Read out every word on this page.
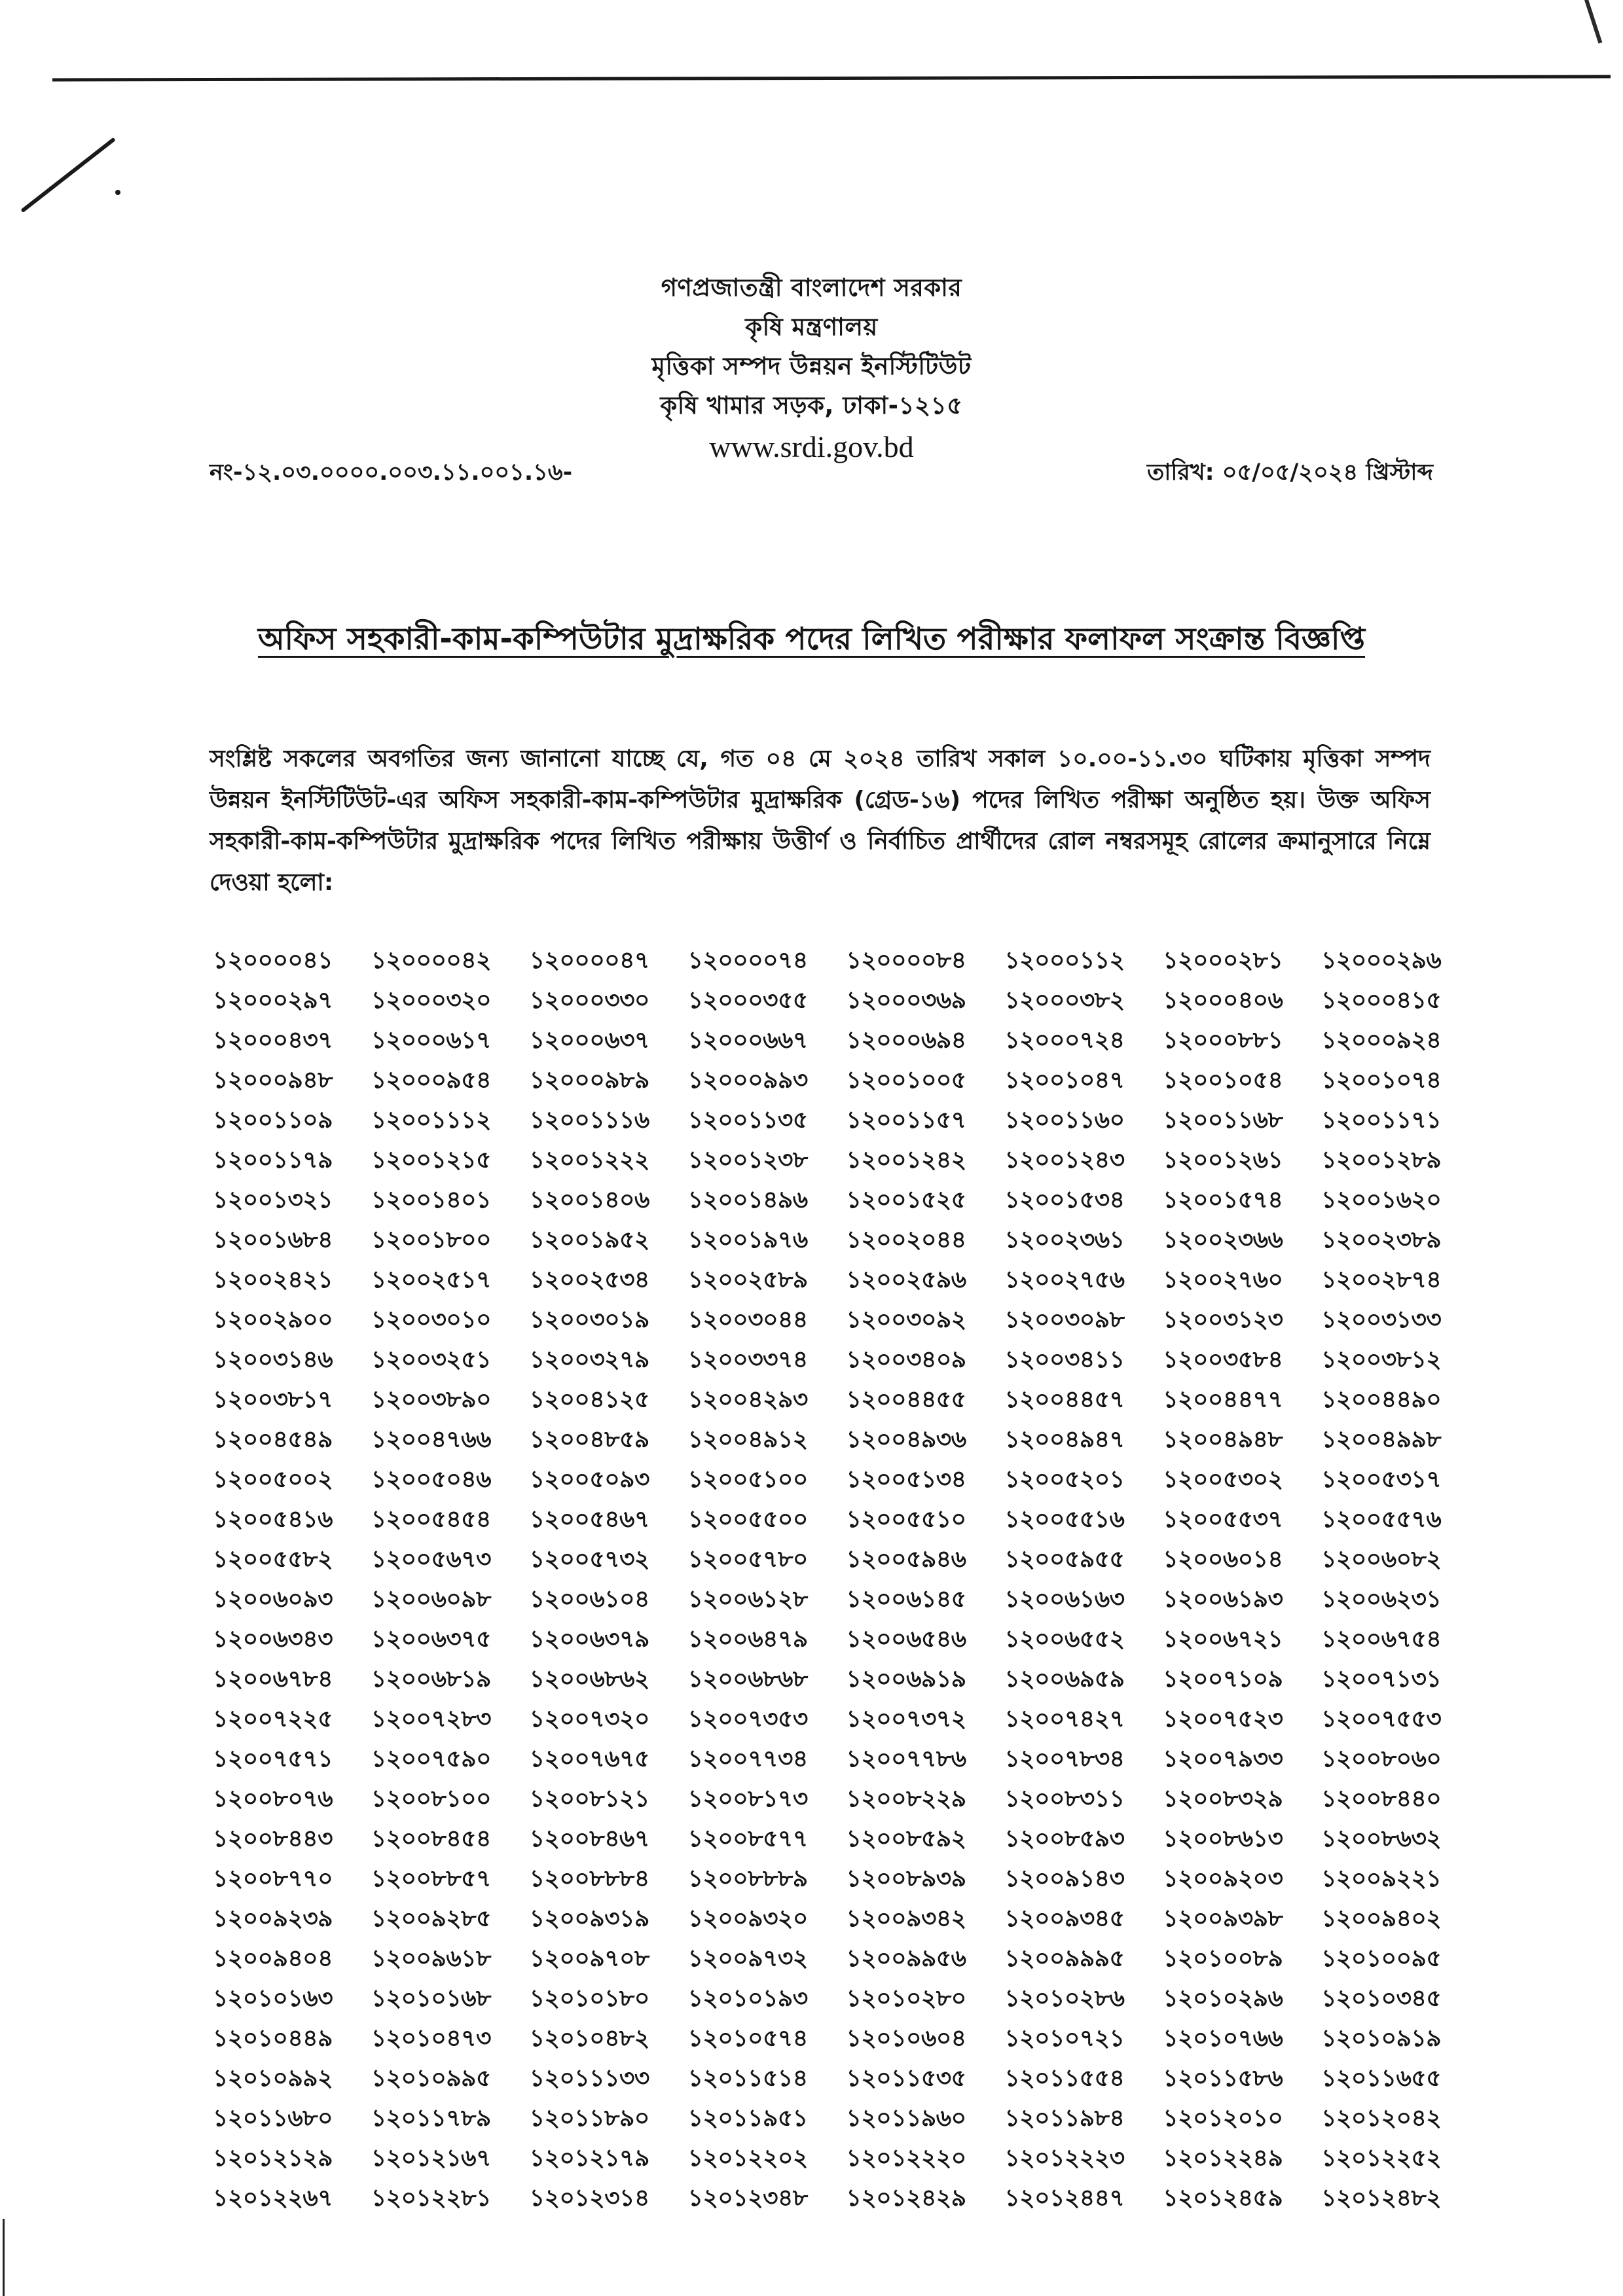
গণপ্রজাতন্ত্রী বাংলাদেশ সরকার
কৃষি মন্ত্রণালয়
মৃত্তিকা সম্পদ উন্নয়ন ইনস্টিটিউট
কৃষি খামার সড়ক, ঢাকা-১২১৫
www.srdi.gov.bd
নং-১২.০৩.০০০০.০০৩.১১.০০১.১৬-	তারিখ: ০৫/০৫/২০২৪ খ্রিস্টাব্দ
অফিস সহকারী-কাম-কম্পিউটার মুদ্রাক্ষরিক পদের লিখিত পরীক্ষার ফলাফল সংক্রান্ত বিজ্ঞপ্তি
সংশ্লিষ্ট সকলের অবগতির জন্য জানানো যাচ্ছে যে, গত ০৪ মে ২০২৪ তারিখ সকাল ১০.০০-১১.৩০ ঘটিকায় মৃত্তিকা সম্পদ উন্নয়ন ইনস্টিটিউট-এর অফিস সহকারী-কাম-কম্পিউটার মুদ্রাক্ষরিক (গ্রেড-১৬) পদের লিখিত পরীক্ষা অনুষ্ঠিত হয়। উক্ত অফিস সহকারী-কাম-কম্পিউটার মুদ্রাক্ষরিক পদের লিখিত পরীক্ষায় উত্তীর্ণ ও নির্বাচিত প্রার্থীদের রোল নম্বরসমূহ রোলের ক্রমানুসারে নিম্নে দেওয়া হলো:
১২০০০০৪১	১২০০০০৪২	১২০০০০৪৭	১২০০০০৭৪	১২০০০০৮৪	১২০০০১১২	১২০০০২৮১	১২০০০২৯৬
১২০০০২৯৭	১২০০০৩২০	১২০০০৩৩০	১২০০০৩৫৫	১২০০০৩৬৯	১২০০০৩৮২	১২০০০৪০৬	১২০০০৪১৫
১২০০০৪৩৭	১২০০০৬১৭	১২০০০৬৩৭	১২০০০৬৬৭	১২০০০৬৯৪	১২০০০৭২৪	১২০০০৮৮১	১২০০০৯২৪
১২০০০৯৪৮	১২০০০৯৫৪	১২০০০৯৮৯	১২০০০৯৯৩	১২০০১০০৫	১২০০১০৪৭	১২০০১০৫৪	১২০০১০৭৪
১২০০১১০৯	১২০০১১১২	১২০০১১১৬	১২০০১১৩৫	১২০০১১৫৭	১২০০১১৬০	১২০০১১৬৮	১২০০১১৭১
১২০০১১৭৯	১২০০১২১৫	১২০০১২২২	১২০০১২৩৮	১২০০১২৪২	১২০০১২৪৩	১২০০১২৬১	১২০০১২৮৯
১২০০১৩২১	১২০০১৪০১	১২০০১৪০৬	১২০০১৪৯৬	১২০০১৫২৫	১২০০১৫৩৪	১২০০১৫৭৪	১২০০১৬২০
১২০০১৬৮৪	১২০০১৮০০	১২০০১৯৫২	১২০০১৯৭৬	১২০০২০৪৪	১২০০২৩৬১	১২০০২৩৬৬	১২০০২৩৮৯
১২০০২৪২১	১২০০২৫১৭	১২০০২৫৩৪	১২০০২৫৮৯	১২০০২৫৯৬	১২০০২৭৫৬	১২০০২৭৬০	১২০০২৮৭৪
১২০০২৯০০	১২০০৩০১০	১২০০৩০১৯	১২০০৩০৪৪	১২০০৩০৯২	১২০০৩০৯৮	১২০০৩১২৩	১২০০৩১৩৩
১২০০৩১৪৬	১২০০৩২৫১	১২০০৩২৭৯	১২০০৩৩৭৪	১২০০৩৪০৯	১২০০৩৪১১	১২০০৩৫৮৪	১২০০৩৮১২
১২০০৩৮১৭	১২০০৩৮৯০	১২০০৪১২৫	১২০০৪২৯৩	১২০০৪৪৫৫	১২০০৪৪৫৭	১২০০৪৪৭৭	১২০০৪৪৯০
১২০০৪৫৪৯	১২০০৪৭৬৬	১২০০৪৮৫৯	১২০০৪৯১২	১২০০৪৯৩৬	১২০০৪৯৪৭	১২০০৪৯৪৮	১২০০৪৯৯৮
১২০০৫০০২	১২০০৫০৪৬	১২০০৫০৯৩	১২০০৫১০০	১২০০৫১৩৪	১২০০৫২০১	১২০০৫৩০২	১২০০৫৩১৭
১২০০৫৪১৬	১২০০৫৪৫৪	১২০০৫৪৬৭	১২০০৫৫০০	১২০০৫৫১০	১২০০৫৫১৬	১২০০৫৫৩৭	১২০০৫৫৭৬
১২০০৫৫৮২	১২০০৫৬৭৩	১২০০৫৭৩২	১২০০৫৭৮০	১২০০৫৯৪৬	১২০০৫৯৫৫	১২০০৬০১৪	১২০০৬০৮২
১২০০৬০৯৩	১২০০৬০৯৮	১২০০৬১০৪	১২০০৬১২৮	১২০০৬১৪৫	১২০০৬১৬৩	১২০০৬১৯৩	১২০০৬২৩১
১২০০৬৩৪৩	১২০০৬৩৭৫	১২০০৬৩৭৯	১২০০৬৪৭৯	১২০০৬৫৪৬	১২০০৬৫৫২	১২০০৬৭২১	১২০০৬৭৫৪
১২০০৬৭৮৪	১২০০৬৮১৯	১২০০৬৮৬২	১২০০৬৮৬৮	১২০০৬৯১৯	১২০০৬৯৫৯	১২০০৭১০৯	১২০০৭১৩১
১২০০৭২২৫	১২০০৭২৮৩	১২০০৭৩২০	১২০০৭৩৫৩	১২০০৭৩৭২	১২০০৭৪২৭	১২০০৭৫২৩	১২০০৭৫৫৩
১২০০৭৫৭১	১২০০৭৫৯০	১২০০৭৬৭৫	১২০০৭৭৩৪	১২০০৭৭৮৬	১২০০৭৮৩৪	১২০০৭৯৩৩	১২০০৮০৬০
১২০০৮০৭৬	১২০০৮১০০	১২০০৮১২১	১২০০৮১৭৩	১২০০৮২২৯	১২০০৮৩১১	১২০০৮৩২৯	১২০০৮৪৪০
১২০০৮৪৪৩	১২০০৮৪৫৪	১২০০৮৪৬৭	১২০০৮৫৭৭	১২০০৮৫৯২	১২০০৮৫৯৩	১২০০৮৬১৩	১২০০৮৬৩২
১২০০৮৭৭০	১২০০৮৮৫৭	১২০০৮৮৮৪	১২০০৮৮৮৯	১২০০৮৯৩৯	১২০০৯১৪৩	১২০০৯২০৩	১২০০৯২২১
১২০০৯২৩৯	১২০০৯২৮৫	১২০০৯৩১৯	১২০০৯৩২০	১২০০৯৩৪২	১২০০৯৩৪৫	১২০০৯৩৯৮	১২০০৯৪০২
১২০০৯৪০৪	১২০০৯৬১৮	১২০০৯৭০৮	১২০০৯৭৩২	১২০০৯৯৫৬	১২০০৯৯৯৫	১২০১০০৮৯	১২০১০০৯৫
১২০১০১৬৩	১২০১০১৬৮	১২০১০১৮০	১২০১০১৯৩	১২০১০২৮০	১২০১০২৮৬	১২০১০২৯৬	১২০১০৩৪৫
১২০১০৪৪৯	১২০১০৪৭৩	১২০১০৪৮২	১২০১০৫৭৪	১২০১০৬০৪	১২০১০৭২১	১২০১০৭৬৬	১২০১০৯১৯
১২০১০৯৯২	১২০১০৯৯৫	১২০১১১৩৩	১২০১১৫১৪	১২০১১৫৩৫	১২০১১৫৫৪	১২০১১৫৮৬	১২০১১৬৫৫
১২০১১৬৮০	১২০১১৭৮৯	১২০১১৮৯০	১২০১১৯৫১	১২০১১৯৬০	১২০১১৯৮৪	১২০১২০১০	১২০১২০৪২
১২০১২১২৯	১২০১২১৬৭	১২০১২১৭৯	১২০১২২০২	১২০১২২২০	১২০১২২২৩	১২০১২২৪৯	১২০১২২৫২
১২০১২২৬৭	১২০১২২৮১	১২০১২৩১৪	১২০১২৩৪৮	১২০১২৪২৯	১২০১২৪৪৭	১২০১২৪৫৯	১২০১২৪৮২
